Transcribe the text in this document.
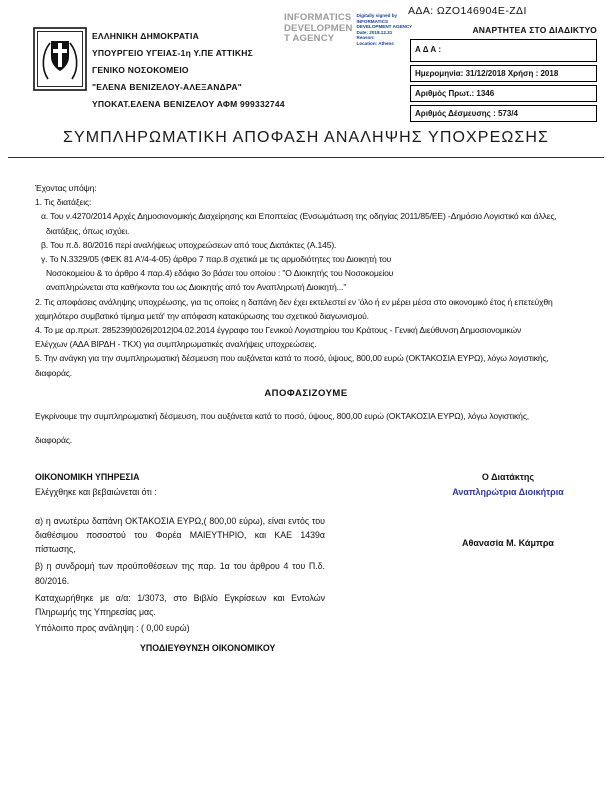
ΑΔΑ: ΩΖΟ146904Ε-ΖΔΙ
ΕΛΛΗΝΙΚΗ ΔΗΜΟΚΡΑΤΙΑ
ΥΠΟΥΡΓΕΙΟ ΥΓΕΙΑΣ-1η Υ.ΠΕ ΑΤΤΙΚΗΣ
ΓΕΝΙΚΟ ΝΟΣΟΚΟΜΕΙΟ
"ΕΛΕΝΑ ΒΕΝΙΖΕΛΟΥ-ΑΛΕΞΑΝΔΡΑ"
ΥΠΟΚΑΤ.ΕΛΕΝΑ ΒΕΝΙΖΕΛΟΥ ΑΦΜ 999332744
INFORMATICS
DEVELOPMEN
T AGENCY
Digitally signed by
INFORMATICS
DEVELOPMENT AGENCY
Date: 2018.12.31
Reason:
Location: Athens
ΑΝΑΡΤΗΤΕΑ ΣΤΟ ΔΙΑΔΙΚΤΥΟ
Α Δ Α :
Ημερομηνία: 31/12/2018 Χρήση : 2018
Αριθμός Πρωτ.: 1346
Αριθμός Δέσμευσης : 573/4
ΣΥΜΠΛΗΡΩΜΑΤΙΚΗ ΑΠΟΦΑΣΗ ΑΝΑΛΗΨΗΣ ΥΠΟΧΡΕΩΣΗΣ
Έχοντας υπόψη:
1. Τις διατάξεις:
α. Του ν.4270/2014 Αρχές Δημοσιονομικής Διαχείρησης και Εποπτείας (Ενσωμάτωση της οδηγίας 2011/85/ΕΕ) -Δημόσιο Λογιστικό και άλλες,
διατάξεις, όπως ισχύει.
β. Του π.δ. 80/2016 περί αναλήψεως υποχρεώσεων από τους Διατάκτες (Α.145).
γ. Το Ν.3329/05 (ΦΕΚ 81 Α'/4-4-05) άρθρο 7 παρ.8 σχετικά με τις αρμοδιότητες του Διοικητή του
Νοσοκομείου & το άρθρο 4 παρ.4) εδάφιο 3ο βάσει του οποίου : "Ο Διοικητής του Νοσοκομείου
αναπληρώνεται στα καθήκοντα του ως Διοικητής από τον Αναπληρωτή Διοικητή..."
2. Τις αποφάσεις ανάληψης υποχρέωσης, για τις οποίες η δαπάνη δεν έχει εκτελεστεί εν 'όλο ή εν μέρει μέσα στο οικονομικό έτος ή επετεύχθη
χαμηλότερο συμβατικό τίμημα μετά' την απόφαση κατακύρωσης του σχετικού διαγωνισμού.
4. Το με αρ.πρωτ. 285239|0026|2012|04.02.2014 έγγραφο του Γενικού Λογιστηρίου του Κράτους - Γενική Διεύθυνση Δημοσιονομικών
Ελέγχων (ΑΔΑ ΒΙΡΔΗ - ΤΚΧ) για συμπληρωματικές αναλήψεις υποχρεώσεις.
5. Την ανάγκη για την συμπληρωματική δέσμευση που αυξάνεται κατά το ποσό, ύψους, 800,00 ευρώ (ΟΚΤΑΚΟΣΙΑ ΕΥΡΩ), λόγω λογιστικής,
διαφοράς.
ΑΠΟΦΑΣΙΖΟΥΜΕ
Εγκρίνουμε την συμπληρωματική δέσμευση, που αυξάνεται κατά το ποσό, ύψους, 800,00 ευρώ (ΟΚΤΑΚΟΣΙΑ ΕΥΡΩ), λόγω λογιστικής,
διαφοράς.
ΟΙΚΟΝΟΜΙΚΗ ΥΠΗΡΕΣΙΑ
Ελέγχθηκε και βεβαιώνεται ότι :
α) η ανωτέρω δαπάνη ΟΚΤΑΚΟΣΙΑ ΕΥΡΩ,( 800,00 εύρω), είναι εντός του διαθέσιμου ποσοστού του Φορέα ΜΑΙΕΥΤΗΡΙΟ, και ΚΑΕ 1439α πίστωσης,
β) η συνδρομή των προϋποθέσεων της παρ. 1α του άρθρου 4 του Π.δ. 80/2016.
Καταχωρήθηκε με α/α: 1/3073, στο Βιβλίο Εγκρίσεων και Εντολών Πληρωμής της Υπηρεσίας μας.
Υπόλοιπο προς ανάληψη : ( 0,00 ευρώ)
ΥΠΟΔΙΕΥΘΥΝΣΗ ΟΙΚΟΝΟΜΙΚΟΥ
Ο Διατάκτης
Αναπληρώτρια Διοικήτρια
Αθανασία Μ. Κάμπρα
